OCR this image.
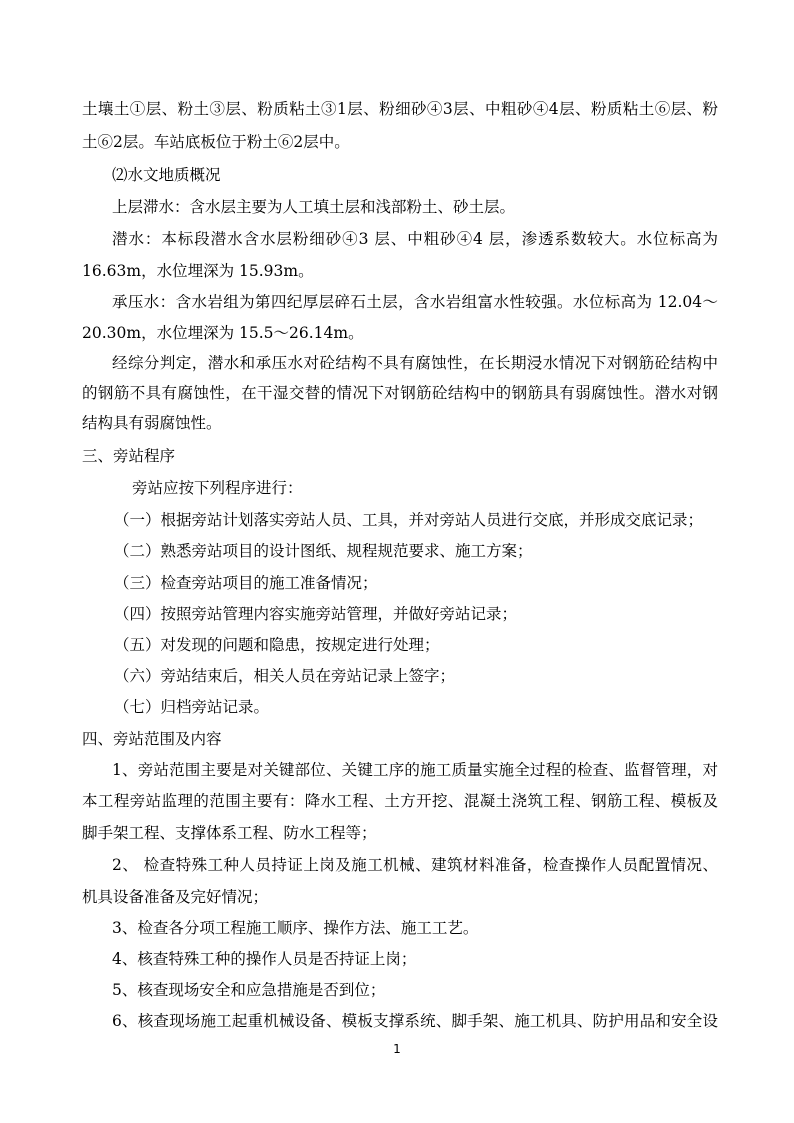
土壤土①层、粉土③层、粉质粘土③1层、粉细砂④3层、中粗砂④4层、粉质粘土⑥层、粉
土⑥2层。车站底板位于粉土⑥2层中。
⑵水文地质概况
上层滞水：含水层主要为人工填土层和浅部粉土、砂土层。
潜水：本标段潜水含水层粉细砂④3 层、中粗砂④4 层，渗透系数较大。水位标高为
16.63m，水位埋深为 15.93m。
承压水：含水岩组为第四纪厚层碎石土层，含水岩组富水性较强。水位标高为 12.04～
20.30m，水位埋深为 15.5～26.14m。
经综分判定，潜水和承压水对砼结构不具有腐蚀性，在长期浸水情况下对钢筋砼结构中
的钢筋不具有腐蚀性，在干湿交替的情况下对钢筋砼结构中的钢筋具有弱腐蚀性。潜水对钢
结构具有弱腐蚀性。
三、旁站程序
旁站应按下列程序进行：
（一）根据旁站计划落实旁站人员、工具，并对旁站人员进行交底，并形成交底记录；
（二）熟悉旁站项目的设计图纸、规程规范要求、施工方案；
（三）检查旁站项目的施工准备情况；
（四）按照旁站管理内容实施旁站管理，并做好旁站记录；
（五）对发现的问题和隐患，按规定进行处理；
（六）旁站结束后，相关人员在旁站记录上签字；
（七）归档旁站记录。
四、旁站范围及内容
1、旁站范围主要是对关键部位、关键工序的施工质量实施全过程的检查、监督管理，对
本工程旁站监理的范围主要有：降水工程、土方开挖、混凝土浇筑工程、钢筋工程、模板及
脚手架工程、支撑体系工程、防水工程等；
2、 检查特殊工种人员持证上岗及施工机械、建筑材料准备，检查操作人员配置情况、
机具设备准备及完好情况；
3、检查各分项工程施工顺序、操作方法、施工工艺。
4、核查特殊工种的操作人员是否持证上岗；
5、核查现场安全和应急措施是否到位；
6、核查现场施工起重机械设备、模板支撑系统、脚手架、施工机具、防护用品和安全设
1
